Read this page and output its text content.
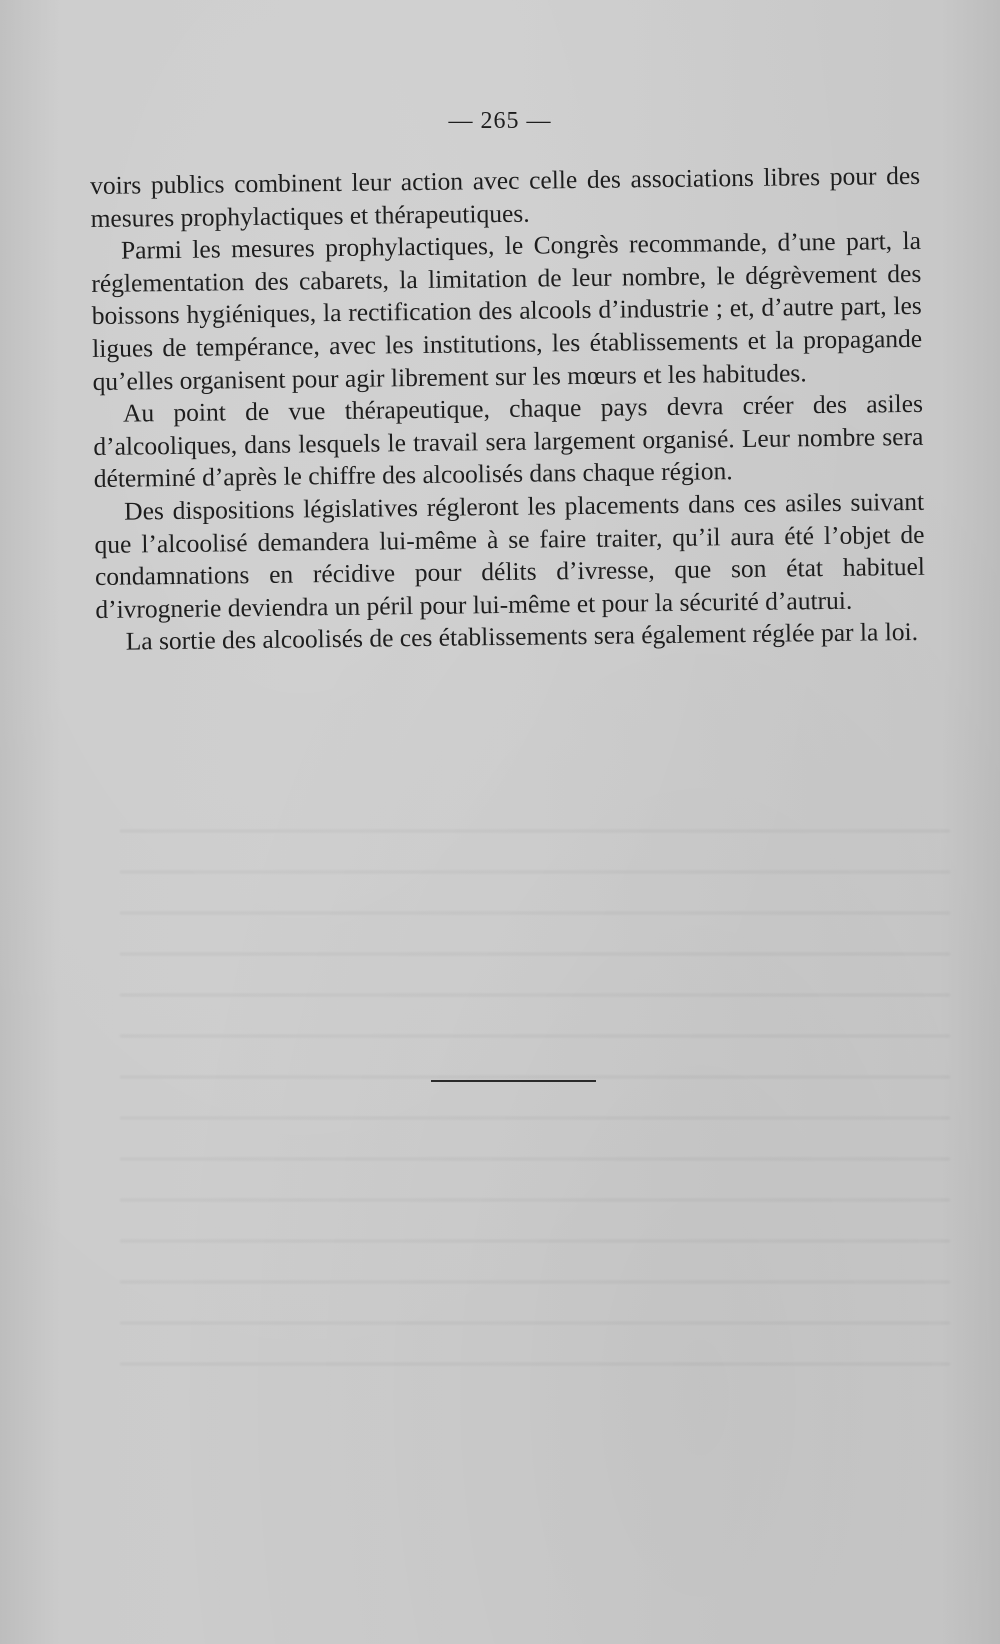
— 265 —

voirs publics combinent leur action avec celle des associations libres pour des mesures prophylactiques et thérapeutiques.

Parmi les mesures prophylactiques, le Congrès recommande, d’une part, la réglementation des cabarets, la limitation de leur nombre, le dégrèvement des boissons hygiéniques, la rectification des alcools d’industrie ; et, d’autre part, les ligues de tempérance, avec les institutions, les établissements et la propagande qu’elles organisent pour agir librement sur les mœurs et les habitudes.

Au point de vue thérapeutique, chaque pays devra créer des asiles d’alcooliques, dans lesquels le travail sera largement organisé. Leur nombre sera déterminé d’après le chiffre des alcoolisés dans chaque région.

Des dispositions législatives régleront les placements dans ces asiles suivant que l’alcoolisé demandera lui-même à se faire traiter, qu’il aura été l’objet de condamnations en récidive pour délits d’ivresse, que son état habituel d’ivrognerie deviendra un péril pour lui-même et pour la sécurité d’autrui.

La sortie des alcoolisés de ces établissements sera également réglée par la loi.
